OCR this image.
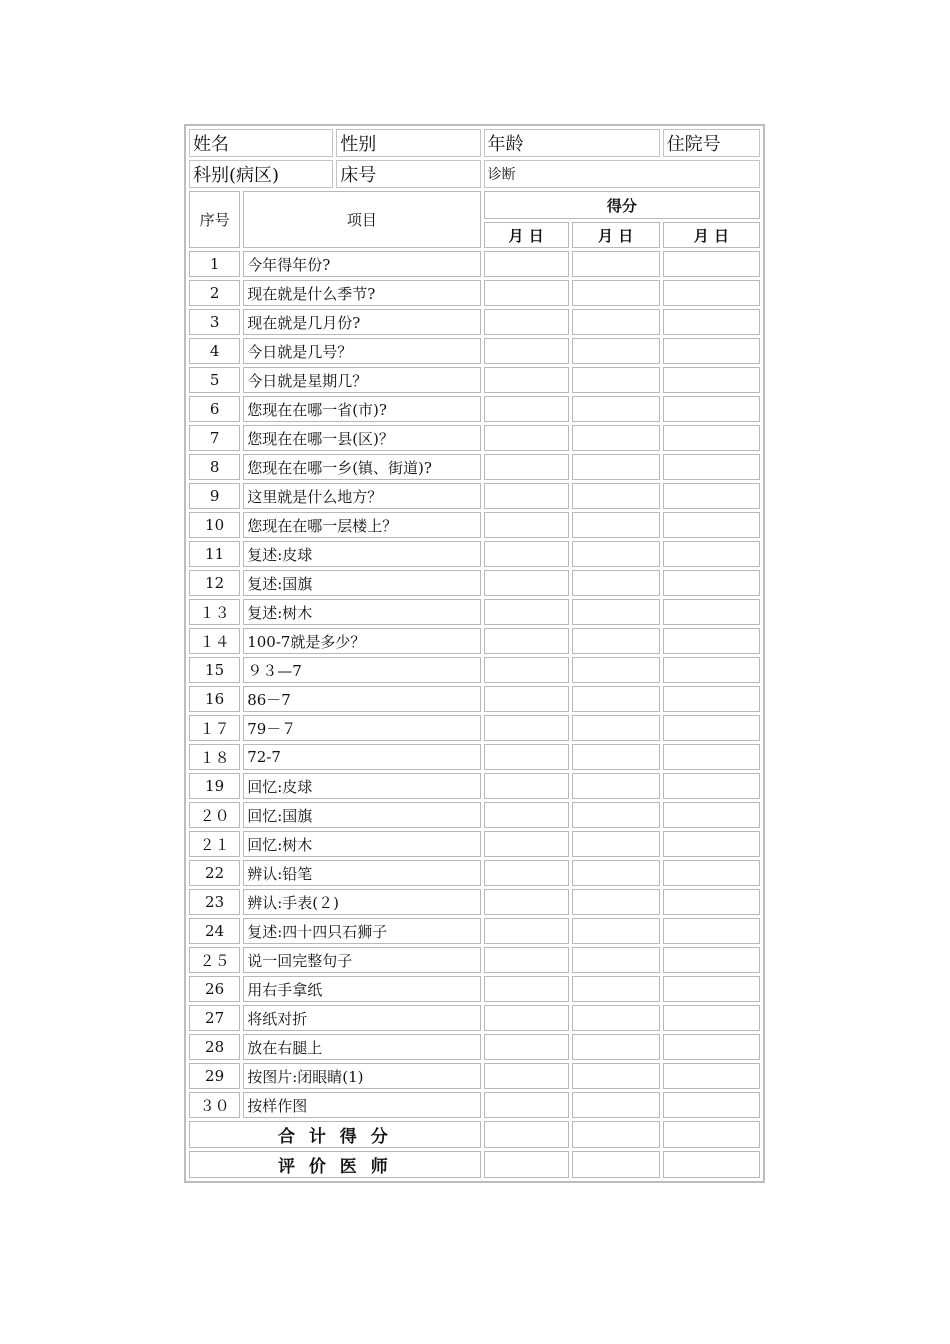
姓名		性别	年龄		住院号
科别(病区)		床号	诊断		
序号	项目		得分		
			月 日	月 日	月 日
1	今年得年份?				
2	现在就是什么季节?				
3	现在就是几月份?				
4	今日就是几号？				
5	今日就是星期几？				
6	您现在在哪一省(市)?				
7	您现在在哪一县(区)？				
8	您现在在哪一乡(镇、街道)?				
9	这里就是什么地方？				
10	您现在在哪一层楼上？				
11	复述:皮球				
12	复述:国旗				
１３	复述:树木				
１４	100-7就是多少？				
15	９３—7				
16	86－7				
１７	79－７				
１８	72-7				
19	回忆:皮球				
２０	回忆:国旗				
２１	回忆:树木				
22	辨认:铅笔				
23	辨认:手表(２)				
24	复述:四十四只石狮子				
２５	说一回完整句子				
26	用右手拿纸				
27	将纸对折				
28	放在右腿上				
29	按图片:闭眼睛(1)				
３０	按样作图				
合 计 得 分					
评 价 医 师					
